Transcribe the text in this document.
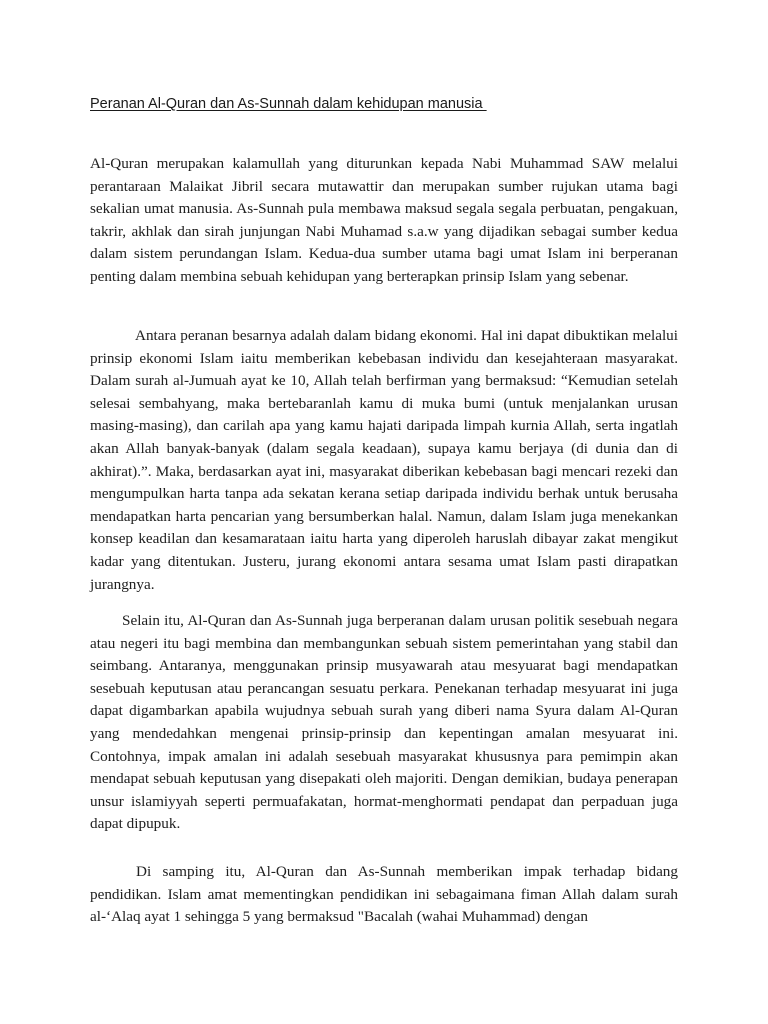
Peranan Al-Quran dan As-Sunnah dalam kehidupan manusia

Al-Quran merupakan kalamullah yang diturunkan kepada Nabi Muhammad SAW melalui perantaraan Malaikat Jibril secara mutawattir dan merupakan sumber rujukan utama bagi sekalian umat manusia. As-Sunnah pula membawa maksud segala segala perbuatan, pengakuan, takrir, akhlak dan sirah junjungan Nabi Muhamad s.a.w yang dijadikan sebagai sumber kedua dalam sistem perundangan Islam. Kedua-dua sumber utama bagi umat Islam ini berperanan penting dalam membina sebuah kehidupan yang berterapkan prinsip Islam yang sebenar.

Antara peranan besarnya adalah dalam bidang ekonomi. Hal ini dapat dibuktikan melalui prinsip ekonomi Islam iaitu memberikan kebebasan individu dan kesejahteraan masyarakat. Dalam surah al-Jumuah ayat ke 10, Allah telah berfirman yang bermaksud: “Kemudian setelah selesai sembahyang, maka bertebaranlah kamu di muka bumi (untuk menjalankan urusan masing-masing), dan carilah apa yang kamu hajati daripada limpah kurnia Allah, serta ingatlah akan Allah banyak-banyak (dalam segala keadaan), supaya kamu berjaya (di dunia dan di akhirat).”. Maka, berdasarkan ayat ini, masyarakat diberikan kebebasan bagi mencari rezeki dan mengumpulkan harta tanpa ada sekatan kerana setiap daripada individu berhak untuk berusaha mendapatkan harta pencarian yang bersumberkan halal. Namun, dalam Islam juga menekankan konsep keadilan dan kesamarataan iaitu harta yang diperoleh haruslah dibayar zakat mengikut kadar yang ditentukan. Justeru, jurang ekonomi antara sesama umat Islam pasti dirapatkan jurangnya.

Selain itu, Al-Quran dan As-Sunnah juga berperanan dalam urusan politik sesebuah negara atau negeri itu bagi membina dan membangunkan sebuah sistem pemerintahan yang stabil dan seimbang. Antaranya, menggunakan prinsip musyawarah atau mesyuarat bagi mendapatkan sesebuah keputusan atau perancangan sesuatu perkara. Penekanan terhadap mesyuarat ini juga dapat digambarkan apabila wujudnya sebuah surah yang diberi nama Syura dalam Al-Quran yang mendedahkan mengenai prinsip-prinsip dan kepentingan amalan mesyuarat ini. Contohnya, impak amalan ini adalah sesebuah masyarakat khususnya para pemimpin akan mendapat sebuah keputusan yang disepakati oleh majoriti. Dengan demikian, budaya penerapan unsur islamiyyah seperti permuafakatan, hormat-menghormati pendapat dan perpaduan juga dapat dipupuk.

Di samping itu, Al-Quran dan As-Sunnah memberikan impak terhadap bidang pendidikan. Islam amat mementingkan pendidikan ini sebagaimana fiman Allah dalam surah al-‘Alaq ayat 1 sehingga 5 yang bermaksud "Bacalah (wahai Muhammad) dengan
